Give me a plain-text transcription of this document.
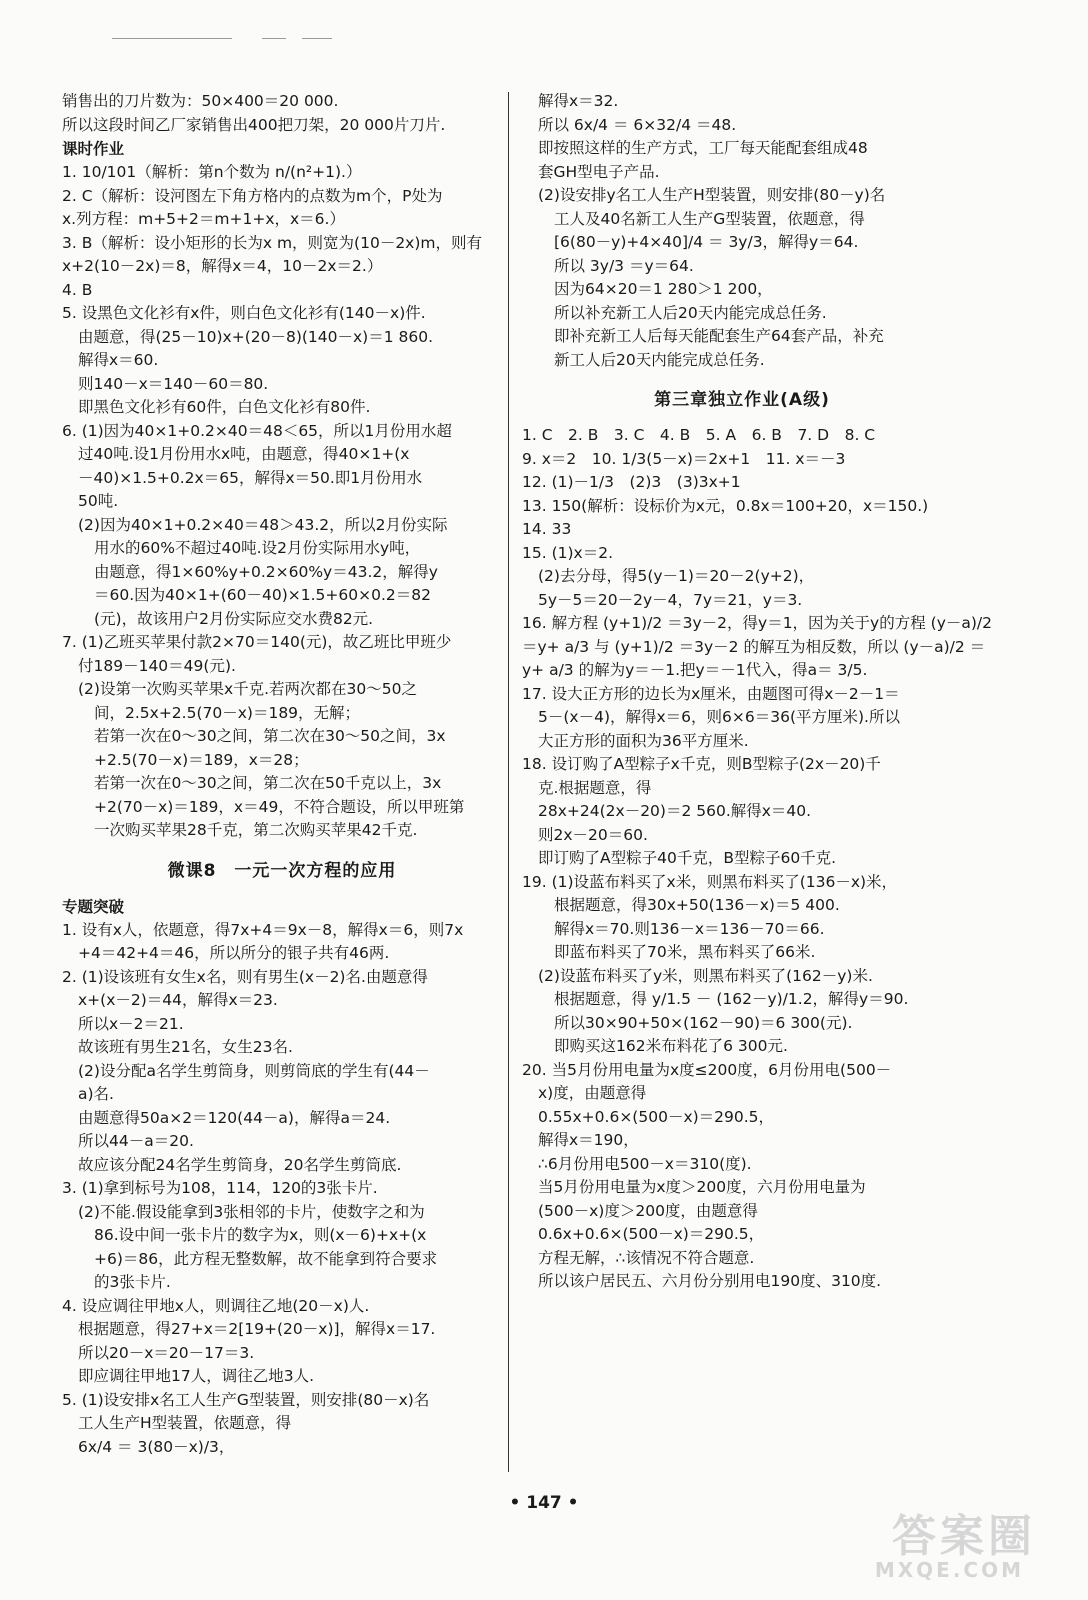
销售出的刀片数为：50×400＝20 000.
所以这段时间乙厂家销售出400把刀架，20 000片刀片.
课时作业
1. 10/101（解析：第n个数为 n/(n²+1).）
2. C（解析：设河图左下角方格内的点数为m个，P处为
x.列方程：m+5+2＝m+1+x，x＝6.）
3. B（解析：设小矩形的长为x m，则宽为(10－2x)m，则有
x+2(10－2x)＝8，解得x＝4，10－2x＝2.）
4. B
5. 设黑色文化衫有x件，则白色文化衫有(140－x)件.
由题意，得(25－10)x+(20－8)(140－x)＝1 860.
解得x＝60.
则140－x＝140－60＝80.
即黑色文化衫有60件，白色文化衫有80件.
6. (1)因为40×1+0.2×40＝48＜65，所以1月份用水超
过40吨.设1月份用水x吨，由题意，得40×1+(x
－40)×1.5+0.2x＝65，解得x＝50.即1月份用水
50吨.
(2)因为40×1+0.2×40＝48＞43.2，所以2月份实际
用水的60%不超过40吨.设2月份实际用水y吨，
由题意，得1×60%y+0.2×60%y＝43.2，解得y
＝60.因为40×1+(60－40)×1.5+60×0.2＝82
(元)，故该用户2月份实际应交水费82元.
7. (1)乙班买苹果付款2×70＝140(元)，故乙班比甲班少
付189－140＝49(元).
(2)设第一次购买苹果x千克.若两次都在30～50之
间，2.5x+2.5(70－x)＝189，无解；
若第一次在0～30之间，第二次在30～50之间，3x
+2.5(70－x)＝189，x＝28；
若第一次在0～30之间，第二次在50千克以上，3x
+2(70－x)＝189，x＝49，不符合题设，所以甲班第
一次购买苹果28千克，第二次购买苹果42千克.
微课8　一元一次方程的应用
专题突破
1. 设有x人，依题意，得7x+4＝9x－8，解得x＝6，则7x
+4＝42+4＝46，所以所分的银子共有46两.
2. (1)设该班有女生x名，则有男生(x－2)名.由题意得
x+(x－2)＝44，解得x＝23.
所以x－2＝21.
故该班有男生21名，女生23名.
(2)设分配a名学生剪筒身，则剪筒底的学生有(44－
a)名.
由题意得50a×2＝120(44－a)，解得a＝24.
所以44－a＝20.
故应该分配24名学生剪筒身，20名学生剪筒底.
3. (1)拿到标号为108，114，120的3张卡片.
(2)不能.假设能拿到3张相邻的卡片，使数字之和为
86.设中间一张卡片的数字为x，则(x－6)+x+(x
+6)＝86，此方程无整数解，故不能拿到符合要求
的3张卡片.
4. 设应调往甲地x人，则调往乙地(20－x)人.
根据题意，得27+x＝2[19+(20－x)]，解得x＝17.
所以20－x＝20－17＝3.
即应调往甲地17人，调往乙地3人.
5. (1)设安排x名工人生产G型装置，则安排(80－x)名
工人生产H型装置，依题意，得
6x/4 ＝ 3(80－x)/3，
解得x＝32.
所以 6x/4 ＝ 6×32/4 ＝48.
即按照这样的生产方式，工厂每天能配套组成48
套GH型电子产品.
(2)设安排y名工人生产H型装置，则安排(80－y)名
工人及40名新工人生产G型装置，依题意，得
[6(80－y)+4×40]/4 ＝ 3y/3，解得y＝64.
所以 3y/3 ＝y＝64.
因为64×20＝1 280＞1 200，
所以补充新工人后20天内能完成总任务.
即补充新工人后每天能配套生产64套产品，补充
新工人后20天内能完成总任务.
第三章独立作业(A级)
1. C　2. B　3. C　4. B　5. A　6. B　7. D　8. C
9. x＝2　10. 1/3(5－x)＝2x+1　11. x＝－3
12. (1)－1/3　(2)3　(3)3x+1
13. 150(解析：设标价为x元，0.8x＝100+20，x＝150.)
14. 33
15. (1)x＝2.
(2)去分母，得5(y－1)＝20－2(y+2)，
5y－5＝20－2y－4，7y＝21，y＝3.
16. 解方程 (y+1)/2 ＝3y－2，得y＝1，因为关于y的方程 (y－a)/2
＝y+ a/3 与 (y+1)/2 ＝3y－2 的解互为相反数，所以 (y－a)/2 ＝
y+ a/3 的解为y＝－1.把y＝－1代入，得a＝ 3/5.
17. 设大正方形的边长为x厘米，由题图可得x－2－1＝
5－(x－4)，解得x＝6，则6×6＝36(平方厘米).所以
大正方形的面积为36平方厘米.
18. 设订购了A型粽子x千克，则B型粽子(2x－20)千
克.根据题意，得
28x+24(2x－20)＝2 560.解得x＝40.
则2x－20＝60.
即订购了A型粽子40千克，B型粽子60千克.
19. (1)设蓝布料买了x米，则黑布料买了(136－x)米，
根据题意，得30x+50(136－x)＝5 400.
解得x＝70.则136－x＝136－70＝66.
即蓝布料买了70米，黑布料买了66米.
(2)设蓝布料买了y米，则黑布料买了(162－y)米.
根据题意，得 y/1.5 － (162－y)/1.2，解得y＝90.
所以30×90+50×(162－90)＝6 300(元).
即购买这162米布料花了6 300元.
20. 当5月份用电量为x度≤200度，6月份用电(500－
x)度，由题意得
0.55x+0.6×(500－x)＝290.5，
解得x＝190，
∴6月份用电500－x＝310(度).
当5月份用电量为x度＞200度，六月份用电量为
(500－x)度＞200度，由题意得
0.6x+0.6×(500－x)＝290.5，
方程无解，∴该情况不符合题意.
所以该户居民五、六月份分别用电190度、310度.
• 147 •
答案圈
MXQE.COM
